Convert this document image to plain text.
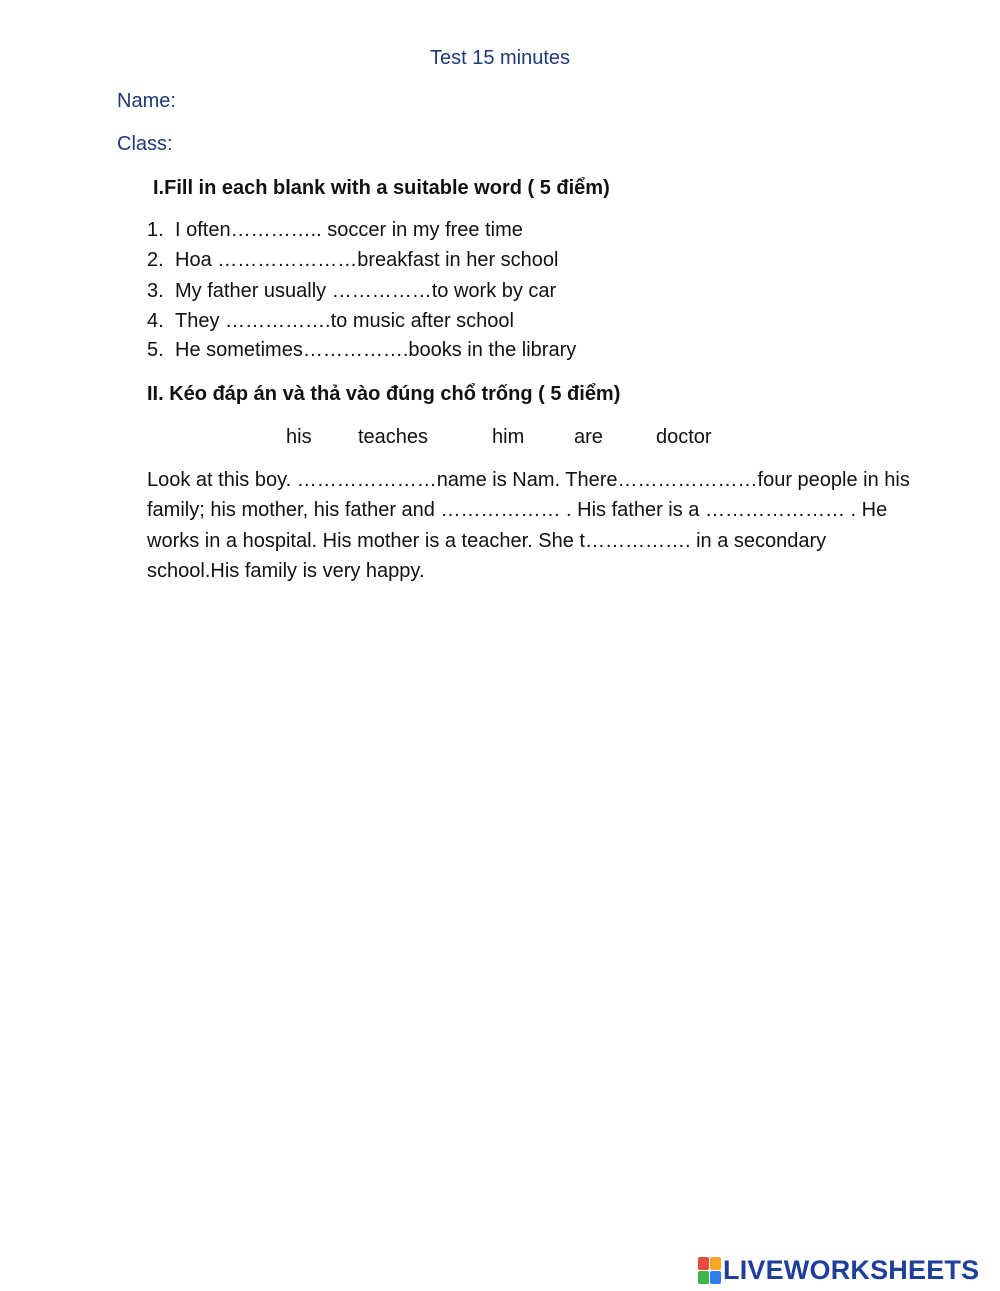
Test 15 minutes
Name:
Class:
I.Fill in each blank with a suitable word ( 5 điểm)
1. I often………….. soccer in my free time
2. Hoa …………………breakfast in her school
3. My father usually ……………to work by car
4. They …………….to music after school
5. He sometimes…………….books in the library
II. Kéo đáp án và thả vào đúng chổ trống ( 5 điểm)
his teaches	him are	doctor
Look at this boy. …………………name is Nam. There…………………four people in his
family; his mother, his father and ……………… . His father is a ………………… . He
works in a hospital. His mother is a teacher. She t……………. in a secondary
school.His family is very happy.
LIVEWORKSHEETS
